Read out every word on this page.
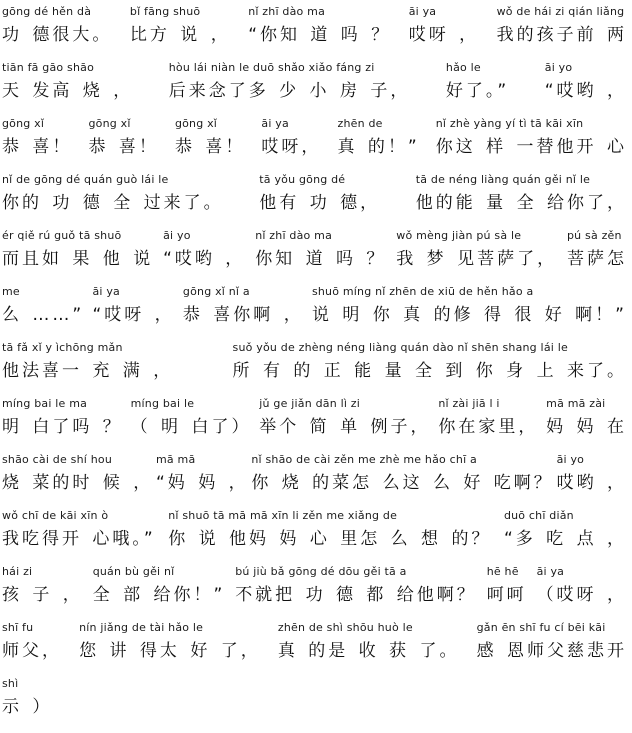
gōng dé hěn dà
功 德很大。
bǐ fāng shuō
比方 说 ，
nǐ zhī dào ma
“你知 道 吗 ？
āi ya
哎呀 ，
wǒ de hái zi qián liǎng
我的孩子前 两
tiān fā gāo shāo
天 发高 烧 ，
hòu lái niàn le duō shǎo xiǎo fáng zi
后来念了多 少 小 房 子，
hǎo le
好了。”
āi yo
“哎哟 ，
gōng xǐ
恭 喜！
gōng xǐ
恭 喜！
gōng xǐ
恭 喜！
āi ya
哎呀，
zhēn de
真 的！”
nǐ zhè yàng yí tì tā kāi xīn
你这 样 一替他开 心
nǐ de gōng dé quán guò lái le
你的 功 德 全 过来了。
tā yǒu gōng dé
他有 功 德，
tā de néng liàng quán gěi nǐ le
他的能 量 全 给你了，
ér qiě rú guǒ tā shuō
而且如 果 他 说
āi yo
“哎哟 ，
nǐ zhī dào ma
你知 道 吗 ？
wǒ mèng jiàn pú sà le
我 梦 见菩萨了，
pú sà zěn
菩萨怎
me
么 ……”
āi ya
“哎呀 ，
gōng xǐ nǐ a
恭 喜你啊 ，
shuō míng nǐ zhēn de xiū de hěn hǎo a
说 明 你 真 的修 得 很 好 啊！”
tā fǎ xǐ y ìchōng mǎn
他法喜一 充 满 ，
suǒ yǒu de zhèng néng liàng quán dào nǐ shēn shang lái le
所 有 的 正 能 量 全 到 你 身 上 来了。
míng bai le ma
明 白了吗 ？
míng bai le
（ 明 白了）
jǔ ge jiǎn dān lì zi
举个 简 单 例子，
nǐ zài jiā l i
你在家里，
mā mā zài
妈 妈 在
shāo cài de shí hou
烧 菜的时 候 ，
mā mā
“妈 妈 ，
nǐ shāo de cài zěn me zhè me hǎo chī a
你 烧 的菜怎 么这 么 好 吃啊？
āi yo
哎哟 ，
wǒ chī de kāi xīn ò
我吃得开 心哦。”
nǐ shuō tā mā mā xīn li zěn me xiǎng de
你 说 他妈 妈 心 里怎 么 想 的？
duō chī diǎn
“多 吃 点 ，
hái zi
孩 子 ，
quán bù gěi nǐ
全 部 给你！”
bú jiù bǎ gōng dé dōu gěi tā a
不就把 功 德 都 给他啊？
hē hē
呵呵
āi ya
（哎呀 ，
shī fu
师父，
nín jiǎng de tài hǎo le
您 讲 得太 好 了，
zhēn de shì shōu huò le
真 的是 收 获 了。
gǎn ēn shī fu cí bēi kāi
感 恩师父慈悲开
shì
示 ）
